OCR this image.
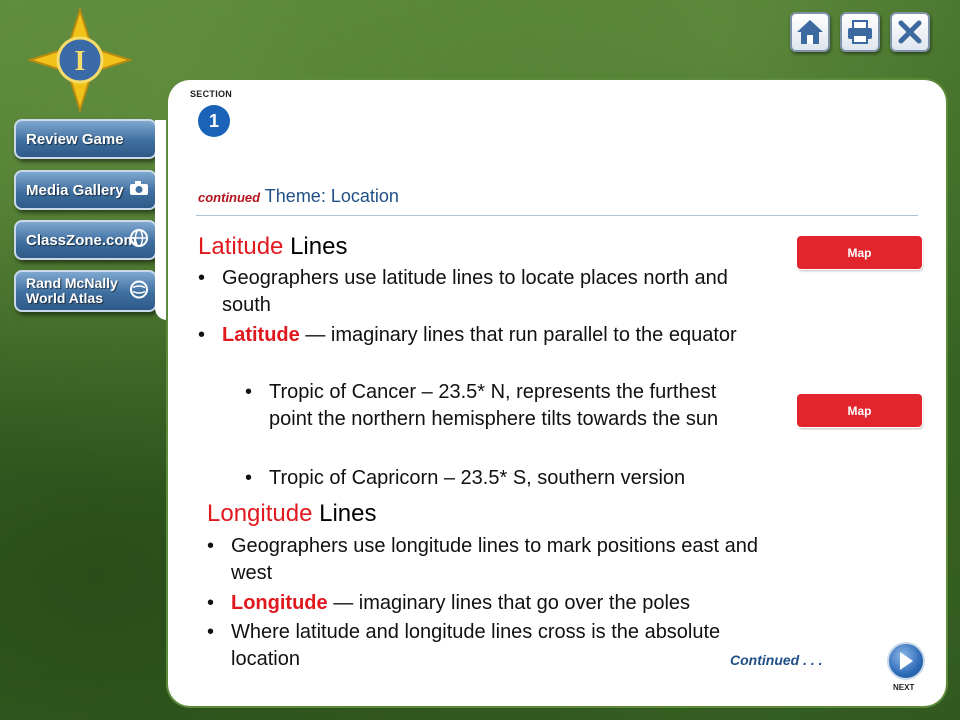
I
Review Game
Media Gallery
ClassZone.com
Rand McNally
World Atlas
SECTION
1
continued Theme: Location
Latitude Lines
• Geographers use latitude lines to locate places north and south
• Latitude — imaginary lines that run parallel to the equator
• Tropic of Cancer – 23.5* N, represents the furthest point the northern hemisphere tilts towards the sun
• Tropic of Capricorn – 23.5* S, southern version
Longitude Lines
• Geographers use longitude lines to mark positions east and west
• Longitude — imaginary lines that go over the poles
• Where latitude and longitude lines cross is the absolute location
Map
Map
Continued . . .
NEXT
